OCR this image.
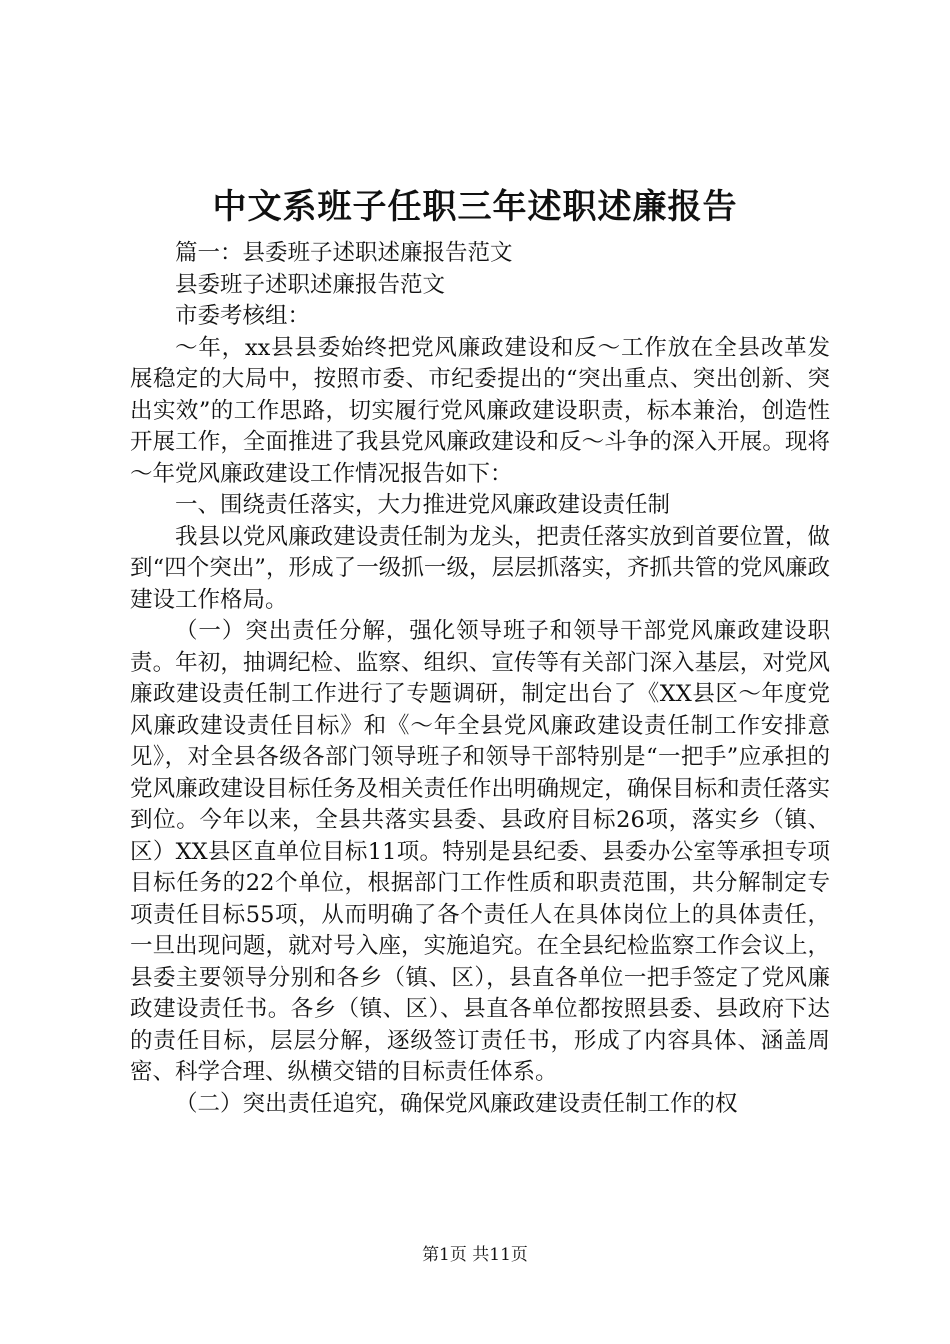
中文系班子任职三年述职述廉报告

篇一：县委班子述职述廉报告范文

县委班子述职述廉报告范文

市委考核组：

～年，xx县县委始终把党风廉政建设和反～工作放在全县改革发展稳定的大局中，按照市委、市纪委提出的“突出重点、突出创新、突出实效”的工作思路，切实履行党风廉政建设职责，标本兼治，创造性开展工作，全面推进了我县党风廉政建设和反～斗争的深入开展。现将～年党风廉政建设工作情况报告如下：

一、围绕责任落实，大力推进党风廉政建设责任制

我县以党风廉政建设责任制为龙头，把责任落实放到首要位置，做到“四个突出”，形成了一级抓一级，层层抓落实，齐抓共管的党风廉政建设工作格局。

（一）突出责任分解，强化领导班子和领导干部党风廉政建设职责。年初，抽调纪检、监察、组织、宣传等有关部门深入基层，对党风廉政建设责任制工作进行了专题调研，制定出台了《XX县区～年度党风廉政建设责任目标》和《～年全县党风廉政建设责任制工作安排意见》，对全县各级各部门领导班子和领导干部特别是“一把手”应承担的党风廉政建设目标任务及相关责任作出明确规定，确保目标和责任落实到位。今年以来，全县共落实县委、县政府目标26项，落实乡（镇、区）XX县区直单位目标11项。特别是县纪委、县委办公室等承担专项目标任务的22个单位，根据部门工作性质和职责范围，共分解制定专项责任目标55项，从而明确了各个责任人在具体岗位上的具体责任，一旦出现问题，就对号入座，实施追究。在全县纪检监察工作会议上，县委主要领导分别和各乡（镇、区），县直各单位一把手签定了党风廉政建设责任书。各乡（镇、区）、县直各单位都按照县委、县政府下达的责任目标，层层分解，逐级签订责任书，形成了内容具体、涵盖周密、科学合理、纵横交错的目标责任体系。

（二）突出责任追究，确保党风廉政建设责任制工作的权

第1页 共11页
